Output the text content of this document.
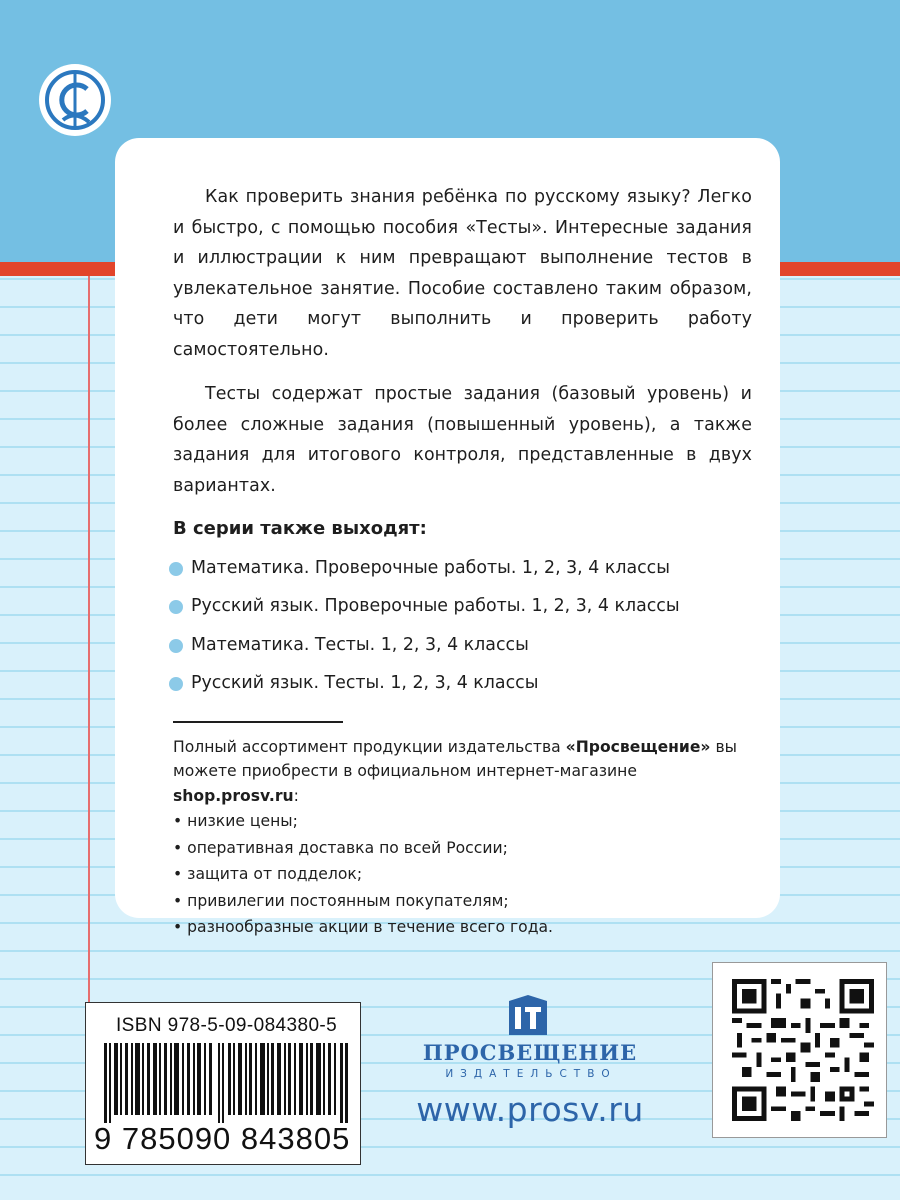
Как проверить знания ребёнка по русскому языку? Легко и быстро, с помощью пособия «Тесты». Интересные задания и иллюстрации к ним превращают выполнение тестов в увлекательное занятие. Пособие составлено таким образом, что дети могут выполнить и проверить работу самостоятельно.

Тесты содержат простые задания (базовый уровень) и более сложные задания (повышенный уровень), а также задания для итогового контроля, представленные в двух вариантах.

В серии также выходят:
Математика. Проверочные работы. 1, 2, 3, 4 классы
Русский язык. Проверочные работы. 1, 2, 3, 4 классы
Математика. Тесты. 1, 2, 3, 4 классы
Русский язык. Тесты. 1, 2, 3, 4 классы

Полный ассортимент продукции издательства «Просвещение» вы можете приобрести в официальном интернет-магазине shop.prosv.ru:

• низкие цены;
• оперативная доставка по всей России;
• защита от подделок;
• привилегии постоянным покупателям;
• разнообразные акции в течение всего года.
ISBN 978-5-09-084380-5
9 785090 843805
ПРОСВЕЩЕНИЕ
ИЗДАТЕЛЬСТВО
www.prosv.ru
